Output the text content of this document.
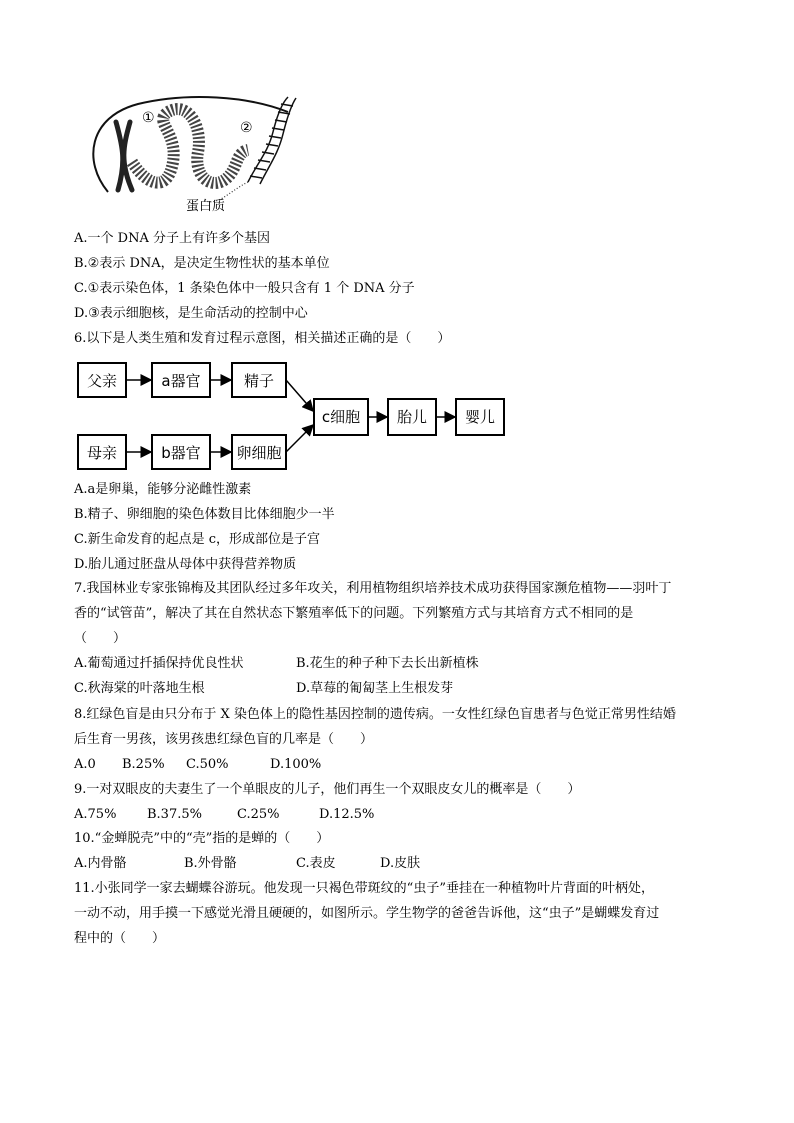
①
②
蛋白质
A.一个 DNA 分子上有许多个基因
B.②表示 DNA，是决定生物性状的基本单位
C.①表示染色体，1 条染色体中一般只含有 1 个 DNA 分子
D.③表示细胞核，是生命活动的控制中心
6.以下是人类生殖和发育过程示意图，相关描述正确的是（　　）
父亲	a器官	精子
母亲	b器官 卵细胞
c细胞 胎儿	婴儿
A.a是卵巢，能够分泌雌性激素
B.精子、卵细胞的染色体数目比体细胞少一半
C.新生命发育的起点是 c，形成部位是子宫
D.胎儿通过胚盘从母体中获得营养物质
7.我国林业专家张锦梅及其团队经过多年攻关，利用植物组织培养技术成功获得国家濒危植物——羽叶丁
香的“试管苗”，解决了其在自然状态下繁殖率低下的问题。下列繁殖方式与其培育方式不相同的是
（　　）
A.葡萄通过扦插保持优良性状	B.花生的种子种下去长出新植株
C.秋海棠的叶落地生根	D.草莓的匍匐茎上生根发芽
8.红绿色盲是由只分布于 X 染色体上的隐性基因控制的遗传病。一女性红绿色盲患者与色觉正常男性结婚
后生育一男孩，该男孩患红绿色盲的几率是（　　）
A.0 B.25% C.50%	D.100%
9.一对双眼皮的夫妻生了一个单眼皮的儿子，他们再生一个双眼皮女儿的概率是（　　）
A.75% B.37.5%	C.25%	D.12.5%
10.“金蝉脱壳”中的“壳”指的是蝉的（　　）
A.内骨骼	B.外骨骼	C.表皮	D.皮肤
11.小张同学一家去蝴蝶谷游玩。他发现一只褐色带斑纹的“虫子”垂挂在一种植物叶片背面的叶柄处，
一动不动，用手摸一下感觉光滑且硬硬的，如图所示。学生物学的爸爸告诉他，这“虫子”是蝴蝶发育过
程中的（　　）
